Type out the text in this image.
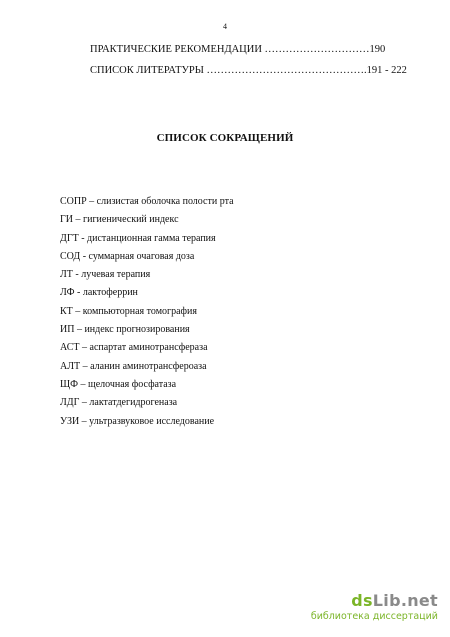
4
ПРАКТИЧЕСКИЕ РЕКОМЕНДАЦИИ …………………………190
СПИСОК ЛИТЕРАТУРЫ ……………………………………….191 - 222
СПИСОК СОКРАЩЕНИЙ
СОПР – слизистая оболочка полости рта
ГИ – гигиенический индекс
ДГТ - дистанционная гамма терапия
СОД - суммарная очаговая доза
ЛТ - лучевая терапия
ЛФ - лактоферрин
КТ – компьюторная томография
ИП – индекс прогнозирования
АСТ – аспартат аминотрансфераза
АЛТ – аланин аминотрансфероаза
ЩФ – щелочная фосфатаза
ЛДГ – лактатдегидрогеназа
УЗИ – ультразвуковое исследование
dsLib.net
библиотека диссертаций
